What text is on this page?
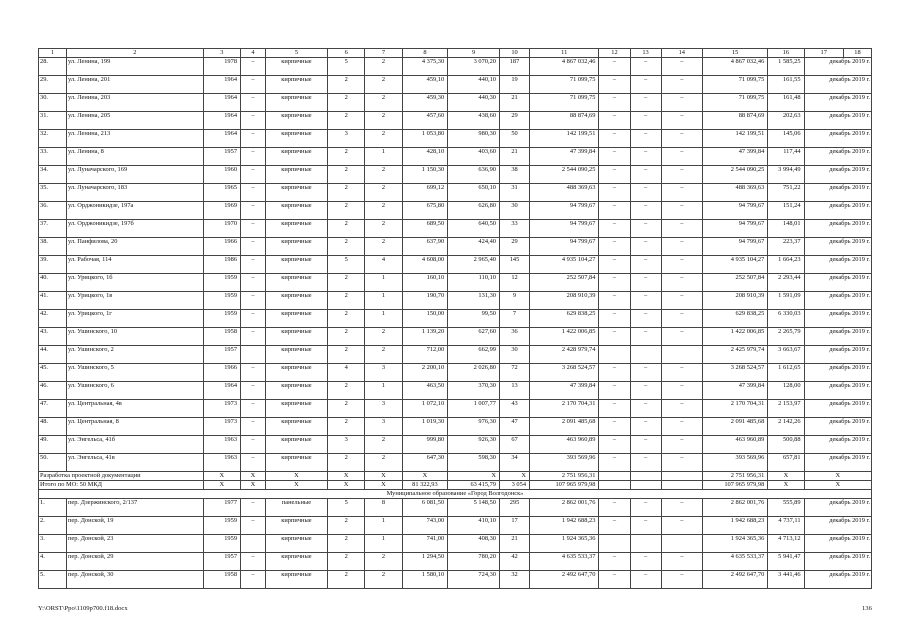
1	2	3	4	5	6	7	8	9	10	11	12	13	14	15	16	17	18
28.	ул. Ленина, 199	1978	–	кирпичные	5	2	4 375,30	3 070,20	187	4 867 032,46	–	–	–	4 867 032,46	1 585,25	декабрь 2019 г.	
29.	ул. Ленина, 201	1964	–	кирпичные	2	2	459,10	440,10	19	71 099,75	–	–	–	71 099,75	161,55	декабрь 2019 г.	
30.	ул. Ленина, 203	1964	–	кирпичные	2	2	459,30	440,30	21	71 099,75	–	–	–	71 099,75	161,48	декабрь 2019 г.	
31.	ул. Ленина, 205	1964	–	кирпичные	2	2	457,60	438,60	29	88 874,69	–	–	–	88 874,69	202,63	декабрь 2019 г.	
32.	ул. Ленина, 213	1964	–	кирпичные	3	2	1 053,80	980,30	50	142 199,51	–	–	–	142 199,51	145,06	декабрь 2019 г.	
33.	ул. Ленина, 8	1957	–	кирпичные	2	1	428,10	403,60	21	47 399,84	–	–	–	47 399,84	117,44	декабрь 2019 г.	
34.	ул. Луначарского, 169	1960	–	кирпичные	2	2	1 150,30	636,90	38	2 544 090,25	–	–	–	2 544 090,25	3 994,49	декабрь 2019 г.	
35.	ул. Луначарского, 183	1965	–	кирпичные	2	2	699,12	650,10	31	488 369,63	–	–	–	488 369,63	751,22	декабрь 2019 г.	
36.	ул. Орджоникидзе, 197а	1969	–	кирпичные	2	2	675,80	626,80	30	94 799,67	–	–	–	94 799,67	151,24	декабрь 2019 г.	
37.	ул. Орджоникидзе, 197б	1970	–	кирпичные	2	2	689,50	640,50	33	94 799,67	–	–	–	94 799,67	148,01	декабрь 2019 г.	
38.	ул. Панфилова, 20	1966	–	кирпичные	2	2	637,90	424,40	29	94 799,67	–	–	–	94 799,67	223,37	декабрь 2019 г.	
39.	ул. Рабочая, 114	1986	–	кирпичные	5	4	4 608,00	2 965,40	145	4 935 104,27	–	–	–	4 935 104,27	1 664,23	декабрь 2019 г.	
40.	ул. Урицкого, 1б	1959	–	кирпичные	2	1	160,10	110,10	12	252 507,84	–	–	–	252 507,84	2 293,44	декабрь 2019 г.	
41.	ул. Урицкого, 1в	1959	–	кирпичные	2	1	190,70	131,30	9	208 910,39	–	–	–	208 910,39	1 591,09	декабрь 2019 г.	
42.	ул. Урицкого, 1г	1959	–	кирпичные	2	1	150,00	99,50	7	629 838,25	–	–	–	629 838,25	6 330,03	декабрь 2019 г.	
43.	ул. Ушинского, 10	1958	–	кирпичные	2	2	1 139,20	627,60	36	1 422 006,85	–	–	–	1 422 006,85	2 265,79	декабрь 2019 г.	
44.	ул. Ушинского, 2	1957		кирпичные	2	2	712,00	662,99	30	2 428 979,74				2 425 979,74	3 663,67	декабрь 2019 г.	
45.	ул. Ушинского, 5	1966	–	кирпичные	4	3	2 200,10	2 026,80	72	3 268 524,57	–	–	–	3 268 524,57	1 612,65	декабрь 2019 г.	
46.	ул. Ушинского, 6	1964	–	кирпичные	2	1	463,50	370,30	13	47 399,84	–	–	–	47 399,84	128,00	декабрь 2019 г.	
47.	ул. Центральная, 4в	1973	–	кирпичные	2	3	1 072,10	1 007,77	43	2 170 704,31	–	–	–	2 170 704,31	2 153,97	декабрь 2019 г.	
48.	ул. Центральная, 8	1973	–	кирпичные	2	3	1 019,30	976,30	47	2 091 485,68	–	–	–	2 091 485,68	2 142,26	декабрь 2019 г.	
49.	ул. Энгельса, 41б	1963	–	кирпичные	3	2	999,80	926,30	67	463 960,89	–	–	–	463 960,89	500,88	декабрь 2019 г.	
50.	ул. Энгельса, 41в	1963	–	кирпичные	2	2	647,30	598,30	34	393 569,96	–	–	–	393 569,96	657,81	декабрь 2019 г.	
Разработка проектной документации		X	X	X	X	X	X	X	X	2 751 956,31				2 751 956,31	X	X	
Итого по МО: 50 МКД		X	X	X	X	X	81 322,93	63 415,79	3 054	107 965 979,98				107 965 979,98	X	X	
Муниципальное образование «Город Волгодонск»																	
1.	пер. Дзержинского, 2/137	1977	–	панельные	5	8	6 081,50	5 148,50	295	2 862 001,76	–	–	–	2 862 001,76	555,89	декабрь 2019 г.	
2.	пер. Донской, 19	1959	–	кирпичные	2	1	743,00	410,10	17	1 942 688,23	–	–	–	1 942 688,23	4 737,11	декабрь 2019 г.	
3.	пер. Донской, 23	1959		кирпичные	2	1	741,00	408,30	21	1 924 365,36				1 924 365,36	4 713,12	декабрь 2019 г.	
4.	пер. Донской, 29	1957	–	кирпичные	2	2	1 294,50	780,20	42	4 635 533,37	–	–	–	4 635 533,37	5 941,47	декабрь 2019 г.	
5.	пер. Донской, 30	1958	–	кирпичные	2	2	1 580,10	724,30	32	2 492 647,70	–	–	–	2 492 647,70	3 441,46	декабрь 2019 г.	
Y:\ORST\Ppo\1109p700.f18.docx	136
